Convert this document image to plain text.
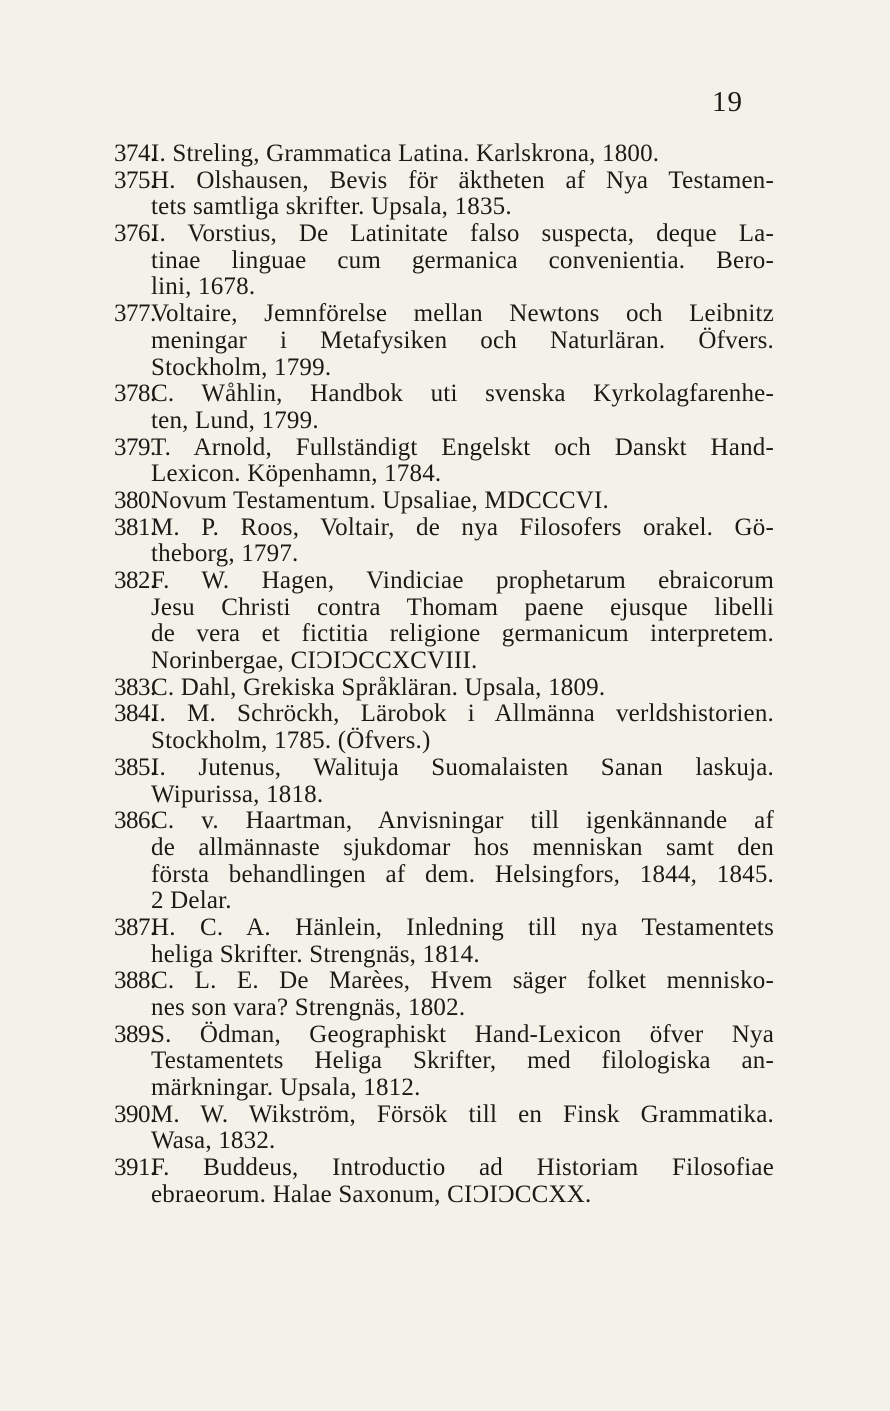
19
374.
I. Streling, Grammatica Latina. Karlskrona, 1800.
375.
H. Olshausen, Bevis för äktheten af Nya Testamen-
tets samtliga skrifter. Upsala, 1835.
376.
I. Vorstius, De Latinitate falso suspecta, deque La-
tinae linguae cum germanica convenientia. Bero-
lini, 1678.
377.
Voltaire, Jemnförelse mellan Newtons och Leibnitz
meningar i Metafysiken och Naturläran. Öfvers.
Stockholm, 1799.
378.
C. Wåhlin, Handbok uti svenska Kyrkolagfarenhe-
ten, Lund, 1799.
379.
T. Arnold, Fullständigt Engelskt och Danskt Hand-
Lexicon. Köpenhamn, 1784.
380.
Novum Testamentum. Upsaliae, MDCCCVI.
381.
M. P. Roos, Voltair, de nya Filosofers orakel. Gö-
theborg, 1797.
382.
F. W. Hagen, Vindiciae prophetarum ebraicorum
Jesu Christi contra Thomam paene ejusque libelli
de vera et fictitia religione germanicum interpretem.
Norinbergae, CIƆIƆCCXCVIII.
383.
C. Dahl, Grekiska Språkläran. Upsala, 1809.
384.
I. M. Schröckh, Lärobok i Allmänna verldshistorien.
Stockholm, 1785. (Öfvers.)
385.
I. Jutenus, Walituja Suomalaisten Sanan laskuja.
Wipurissa, 1818.
386.
C. v. Haartman, Anvisningar till igenkännande af
de allmännaste sjukdomar hos menniskan samt den
första behandlingen af dem. Helsingfors, 1844, 1845.
2 Delar.
387.
H. C. A. Hänlein, Inledning till nya Testamentets
heliga Skrifter. Strengnäs, 1814.
388.
C. L. E. De Marèes, Hvem säger folket mennisko-
nes son vara? Strengnäs, 1802.
389.
S. Ödman, Geographiskt Hand-Lexicon öfver Nya
Testamentets Heliga Skrifter, med filologiska an-
märkningar. Upsala, 1812.
390.
M. W. Wikström, Försök till en Finsk Grammatika.
Wasa, 1832.
391.
F. Buddeus, Introductio ad Historiam Filosofiae
ebraeorum. Halae Saxonum, CIƆIƆCCXX.
